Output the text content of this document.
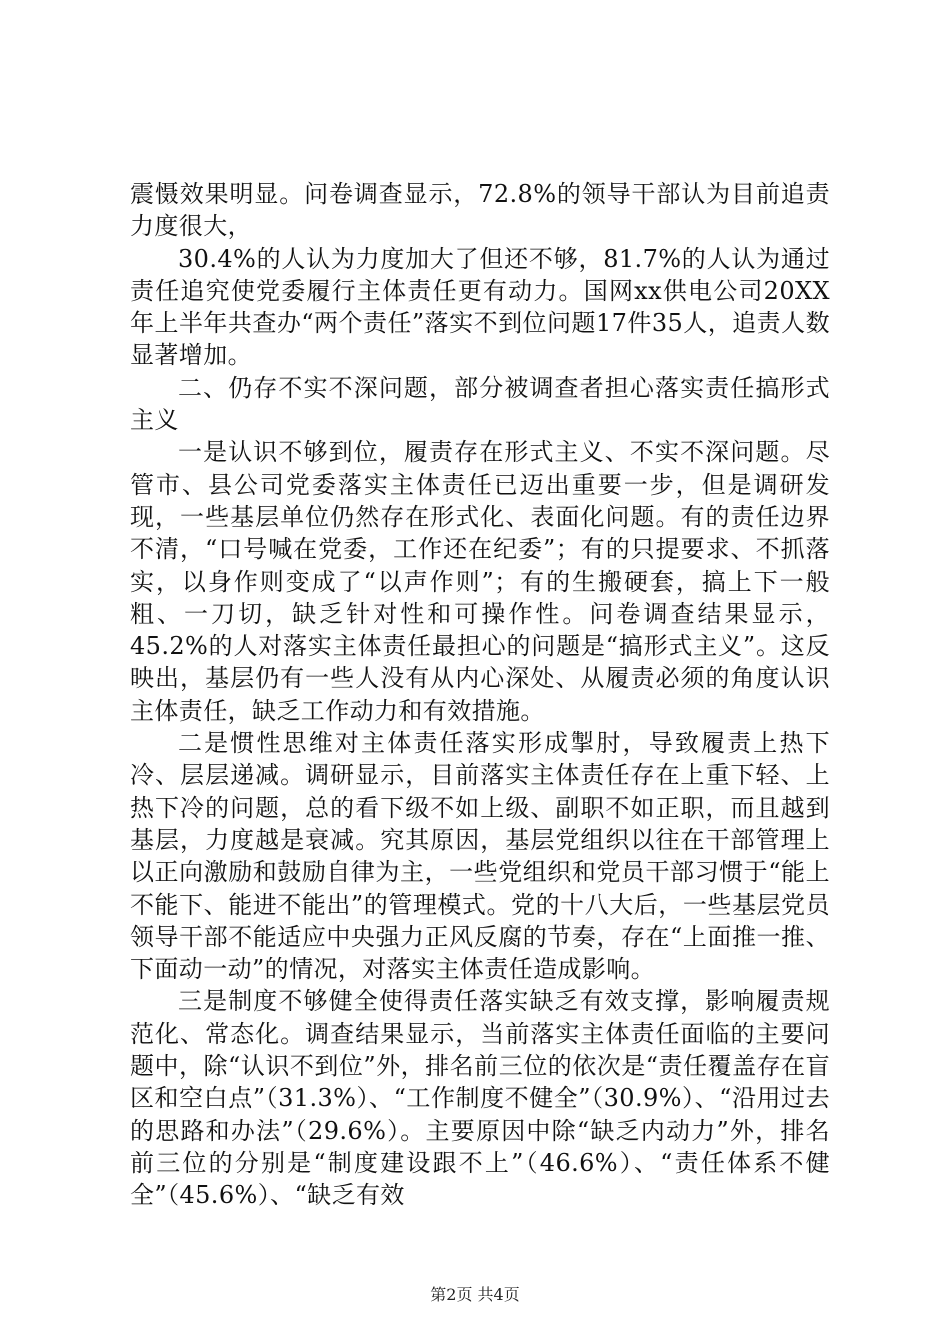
震慑效果明显。问卷调查显示，72.8%的领导干部认为目前追责力度很大，

30.4%的人认为力度加大了但还不够，81.7%的人认为通过责任追究使党委履行主体责任更有动力。国网xx供电公司20XX年上半年共查办“两个责任”落实不到位问题17件35人，追责人数显著增加。

二、仍存不实不深问题，部分被调查者担心落实责任搞形式主义

一是认识不够到位，履责存在形式主义、不实不深问题。尽管市、县公司党委落实主体责任已迈出重要一步，但是调研发现，一些基层单位仍然存在形式化、表面化问题。有的责任边界不清，“口号喊在党委，工作还在纪委”；有的只提要求、不抓落实，以身作则变成了“以声作则”；有的生搬硬套，搞上下一般粗、一刀切，缺乏针对性和可操作性。问卷调查结果显示，45.2%的人对落实主体责任最担心的问题是“搞形式主义”。这反映出，基层仍有一些人没有从内心深处、从履责必须的角度认识主体责任，缺乏工作动力和有效措施。

二是惯性思维对主体责任落实形成掣肘，导致履责上热下冷、层层递减。调研显示，目前落实主体责任存在上重下轻、上热下冷的问题，总的看下级不如上级、副职不如正职，而且越到基层，力度越是衰减。究其原因，基层党组织以往在干部管理上以正向激励和鼓励自律为主，一些党组织和党员干部习惯于“能上不能下、能进不能出”的管理模式。党的十八大后，一些基层党员领导干部不能适应中央强力正风反腐的节奏，存在“上面推一推、下面动一动”的情况，对落实主体责任造成影响。

三是制度不够健全使得责任落实缺乏有效支撑，影响履责规范化、常态化。调查结果显示，当前落实主体责任面临的主要问题中，除“认识不到位”外，排名前三位的依次是“责任覆盖存在盲区和空白点”（31.3%）、“工作制度不健全”（30.9%）、“沿用过去的思路和办法”（29.6%）。主要原因中除“缺乏内动力”外，排名前三位的分别是“制度建设跟不上”（46.6%）、“责任体系不健全”（45.6%）、“缺乏有效

第2页 共4页
